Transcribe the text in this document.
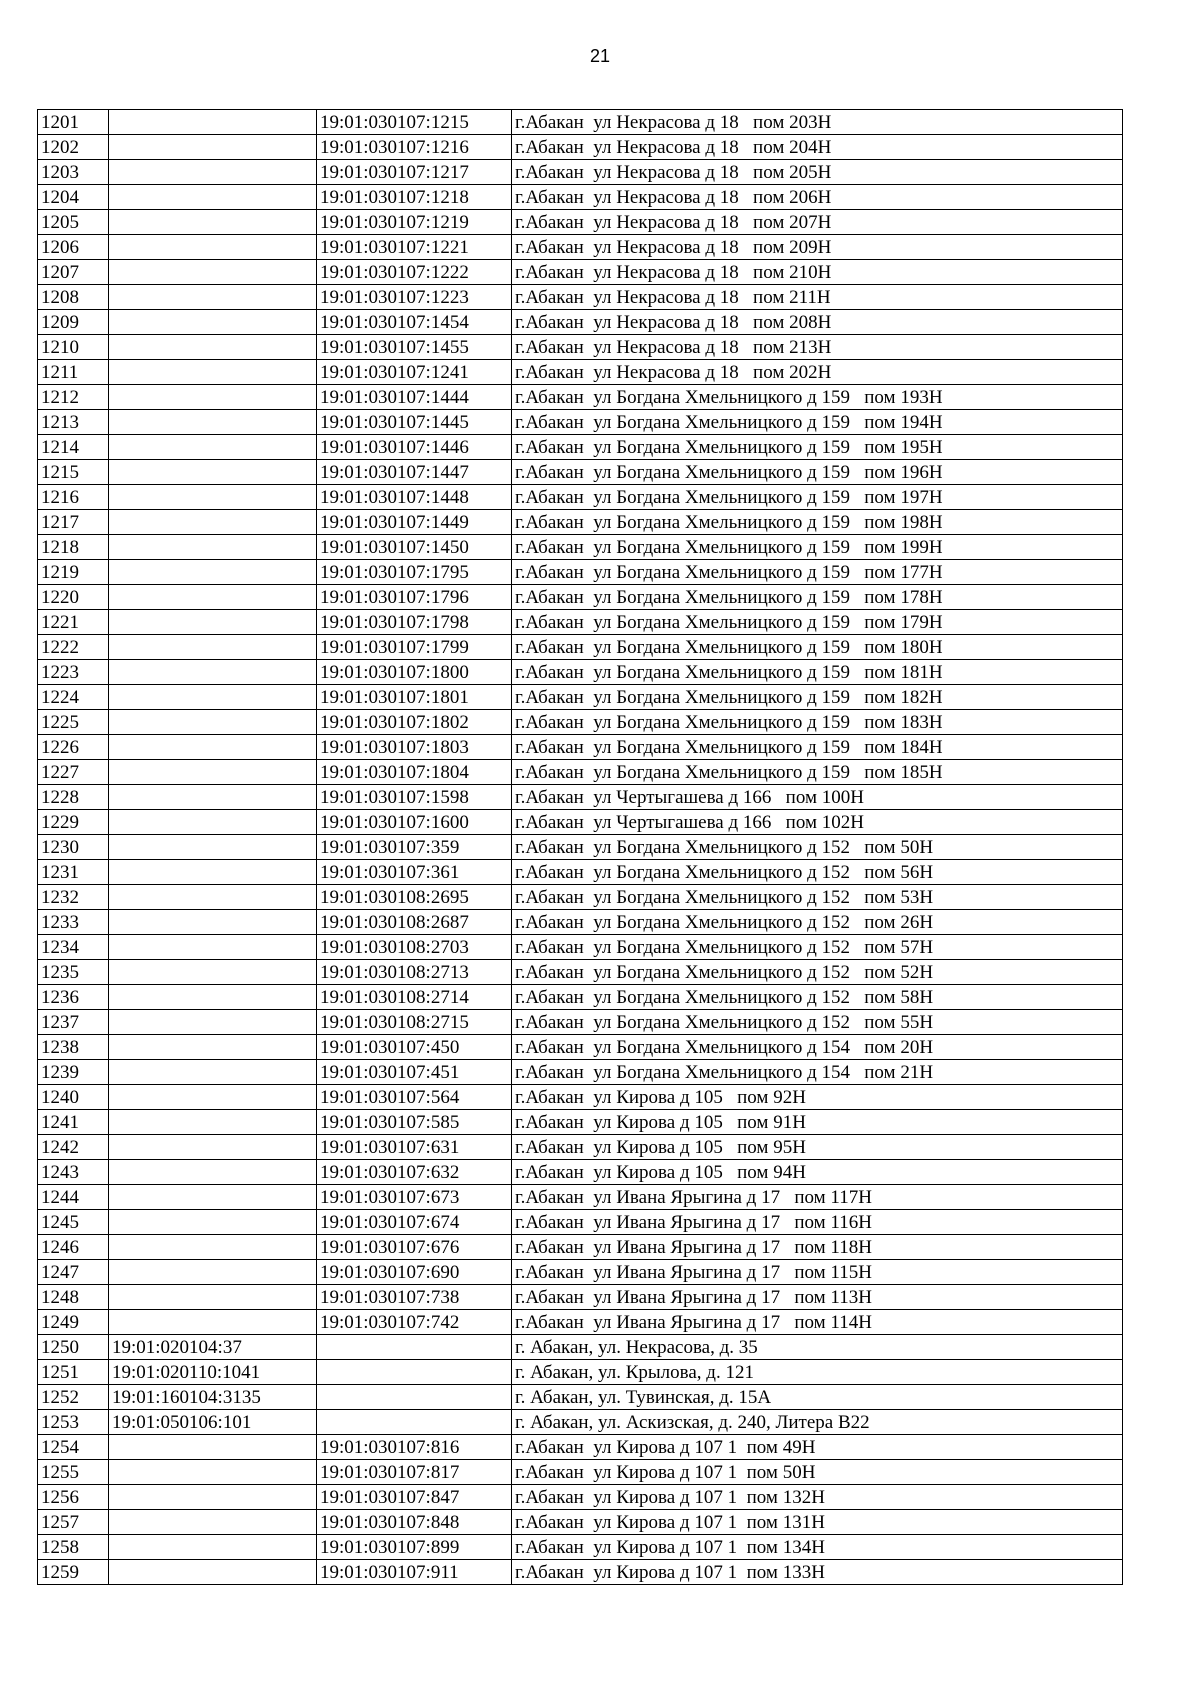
21
1201		19:01:030107:1215	г.Абакан  ул Некрасова д 18   пом 203Н
1202		19:01:030107:1216	г.Абакан  ул Некрасова д 18   пом 204Н
1203		19:01:030107:1217	г.Абакан  ул Некрасова д 18   пом 205Н
1204		19:01:030107:1218	г.Абакан  ул Некрасова д 18   пом 206Н
1205		19:01:030107:1219	г.Абакан  ул Некрасова д 18   пом 207Н
1206		19:01:030107:1221	г.Абакан  ул Некрасова д 18   пом 209Н
1207		19:01:030107:1222	г.Абакан  ул Некрасова д 18   пом 210Н
1208		19:01:030107:1223	г.Абакан  ул Некрасова д 18   пом 211Н
1209		19:01:030107:1454	г.Абакан  ул Некрасова д 18   пом 208Н
1210		19:01:030107:1455	г.Абакан  ул Некрасова д 18   пом 213Н
1211		19:01:030107:1241	г.Абакан  ул Некрасова д 18   пом 202Н
1212		19:01:030107:1444	г.Абакан  ул Богдана Хмельницкого д 159   пом 193Н
1213		19:01:030107:1445	г.Абакан  ул Богдана Хмельницкого д 159   пом 194Н
1214		19:01:030107:1446	г.Абакан  ул Богдана Хмельницкого д 159   пом 195Н
1215		19:01:030107:1447	г.Абакан  ул Богдана Хмельницкого д 159   пом 196Н
1216		19:01:030107:1448	г.Абакан  ул Богдана Хмельницкого д 159   пом 197Н
1217		19:01:030107:1449	г.Абакан  ул Богдана Хмельницкого д 159   пом 198Н
1218		19:01:030107:1450	г.Абакан  ул Богдана Хмельницкого д 159   пом 199Н
1219		19:01:030107:1795	г.Абакан  ул Богдана Хмельницкого д 159   пом 177Н
1220		19:01:030107:1796	г.Абакан  ул Богдана Хмельницкого д 159   пом 178Н
1221		19:01:030107:1798	г.Абакан  ул Богдана Хмельницкого д 159   пом 179Н
1222		19:01:030107:1799	г.Абакан  ул Богдана Хмельницкого д 159   пом 180Н
1223		19:01:030107:1800	г.Абакан  ул Богдана Хмельницкого д 159   пом 181Н
1224		19:01:030107:1801	г.Абакан  ул Богдана Хмельницкого д 159   пом 182Н
1225		19:01:030107:1802	г.Абакан  ул Богдана Хмельницкого д 159   пом 183Н
1226		19:01:030107:1803	г.Абакан  ул Богдана Хмельницкого д 159   пом 184Н
1227		19:01:030107:1804	г.Абакан  ул Богдана Хмельницкого д 159   пом 185Н
1228		19:01:030107:1598	г.Абакан  ул Чертыгашева д 166   пом 100Н
1229		19:01:030107:1600	г.Абакан  ул Чертыгашева д 166   пом 102Н
1230		19:01:030107:359	г.Абакан  ул Богдана Хмельницкого д 152   пом 50Н
1231		19:01:030107:361	г.Абакан  ул Богдана Хмельницкого д 152   пом 56Н
1232		19:01:030108:2695	г.Абакан  ул Богдана Хмельницкого д 152   пом 53Н
1233		19:01:030108:2687	г.Абакан  ул Богдана Хмельницкого д 152   пом 26Н
1234		19:01:030108:2703	г.Абакан  ул Богдана Хмельницкого д 152   пом 57Н
1235		19:01:030108:2713	г.Абакан  ул Богдана Хмельницкого д 152   пом 52Н
1236		19:01:030108:2714	г.Абакан  ул Богдана Хмельницкого д 152   пом 58Н
1237		19:01:030108:2715	г.Абакан  ул Богдана Хмельницкого д 152   пом 55Н
1238		19:01:030107:450	г.Абакан  ул Богдана Хмельницкого д 154   пом 20Н
1239		19:01:030107:451	г.Абакан  ул Богдана Хмельницкого д 154   пом 21Н
1240		19:01:030107:564	г.Абакан  ул Кирова д 105   пом 92Н
1241		19:01:030107:585	г.Абакан  ул Кирова д 105   пом 91Н
1242		19:01:030107:631	г.Абакан  ул Кирова д 105   пом 95Н
1243		19:01:030107:632	г.Абакан  ул Кирова д 105   пом 94Н
1244		19:01:030107:673	г.Абакан  ул Ивана Ярыгина д 17   пом 117Н
1245		19:01:030107:674	г.Абакан  ул Ивана Ярыгина д 17   пом 116Н
1246		19:01:030107:676	г.Абакан  ул Ивана Ярыгина д 17   пом 118Н
1247		19:01:030107:690	г.Абакан  ул Ивана Ярыгина д 17   пом 115Н
1248		19:01:030107:738	г.Абакан  ул Ивана Ярыгина д 17   пом 113Н
1249		19:01:030107:742	г.Абакан  ул Ивана Ярыгина д 17   пом 114Н
1250	19:01:020104:37		г. Абакан, ул. Некрасова, д. 35
1251	19:01:020110:1041		г. Абакан, ул. Крылова, д. 121
1252	19:01:160104:3135		г. Абакан, ул. Тувинская, д. 15А
1253	19:01:050106:101		г. Абакан, ул. Аскизская, д. 240, Литера В22
1254		19:01:030107:816	г.Абакан  ул Кирова д 107 1  пом 49Н
1255		19:01:030107:817	г.Абакан  ул Кирова д 107 1  пом 50Н
1256		19:01:030107:847	г.Абакан  ул Кирова д 107 1  пом 132Н
1257		19:01:030107:848	г.Абакан  ул Кирова д 107 1  пом 131Н
1258		19:01:030107:899	г.Абакан  ул Кирова д 107 1  пом 134Н
1259		19:01:030107:911	г.Абакан  ул Кирова д 107 1  пом 133Н
